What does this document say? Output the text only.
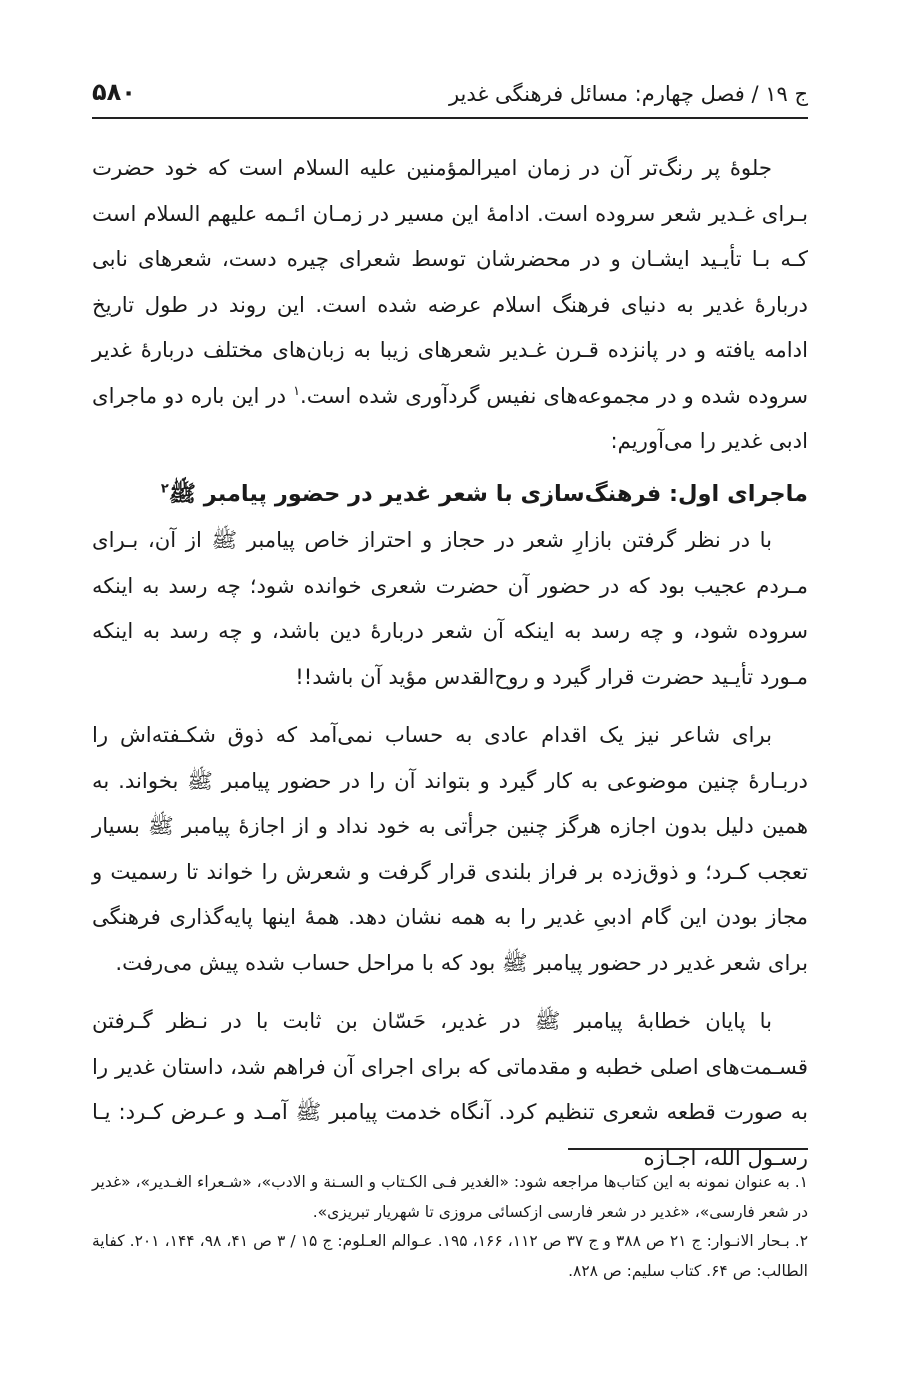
ج ۱۹ / فصل چهارم: مسائل فرهنگی غدیر
۵۸۰

جلوهٔ پر رنگ‌تر آن در زمان امیرالمؤمنین علیه السلام است که خود حضرت بـرای غـدیر شعر سروده است. ادامهٔ این مسیر در زمـان ائـمه علیهم السلام است کـه بـا تأیـید ایشـان و در محضرشان توسط شعرای چیره دست، شعرهای نابی دربارهٔ غدیر به دنیای فرهنگ اسلام عرضه شده است. این روند در طول تاریخ ادامه یافته و در پانزده قـرن غـدیر شعرهای زیبا به زبان‌های مختلف دربارهٔ غدیر سروده شده و در مجموعه‌های نفیس گردآوری شده است.$^۱$ در این باره دو ماجرای ادبی غدیر را می‌آوریم:

ماجرای اول: فرهنگ‌سازی با شعر غدیر در حضور پیامبر ﷺ$^۲$

با در نظر گرفتن بازارِ شعر در حجاز و احتراز خاص پیامبر ﷺ از آن، بـرای مـردم عجیب بود که در حضور آن حضرت شعری خوانده شود؛ چه رسد به اینکه سروده شود، و چه رسد به اینکه آن شعر دربارهٔ دین باشد، و چه رسد به اینکه مـورد تأیـید حضرت قرار گیرد و روح‌القدس مؤید آن باشد!!

برای شاعر نیز یک اقدام عادی به حساب نمی‌آمد که ذوق شکـفته‌اش را دربـارهٔ چنین موضوعی به کار گیرد و بتواند آن را در حضور پیامبر ﷺ بخواند. به همین دلیل بدون اجازه هرگز چنین جرأتی به خود نداد و از اجازهٔ پیامبر ﷺ بسیار تعجب کـرد؛ و ذوق‌زده بر فراز بلندی قرار گرفت و شعرش را خواند تا رسمیت و مجاز بودن این گام ادبیِ غدیر را به همه نشان دهد. همهٔ اینها پایه‌گذاری فرهنگی برای شعر غدیر در حضور پیامبر ﷺ بود که با مراحل حساب شده پیش می‌رفت.

با پایان خطابهٔ پیامبر ﷺ در غدیر، حَسّان بن ثابت با در نـظر گـرفتن قسـمت‌های اصلی خطبه و مقدماتی که برای اجرای آن فراهم شد، داستان غدیر را به صورت قطعه شعری تنظیم کرد. آنگاه خدمت پیامبر ﷺ آمـد و عـرض کـرد: یـا رسـول الله، اجـازه

۱. به عنوان نمونه به این کتاب‌ها مراجعه شود: «الغدیر فـی الکـتاب و السـنة و الادب»، «شـعراء الغـدیر»، «غدیر در شعر فارسی»، «غدیر در شعر فارسی ازکسائی مروزی تا شهریار تبریزی».

۲. بـحار الانـوار: ج ۲۱ ص ۳۸۸ و ج ۳۷ ص ۱۱۲، ۱۶۶، ۱۹۵. عـوالم العـلوم: ج ۱۵ / ۳ ص ۴۱، ۹۸، ۱۴۴، ۲۰۱. کفایة الطالب: ص ۶۴. کتاب سلیم: ص ۸۲۸.
